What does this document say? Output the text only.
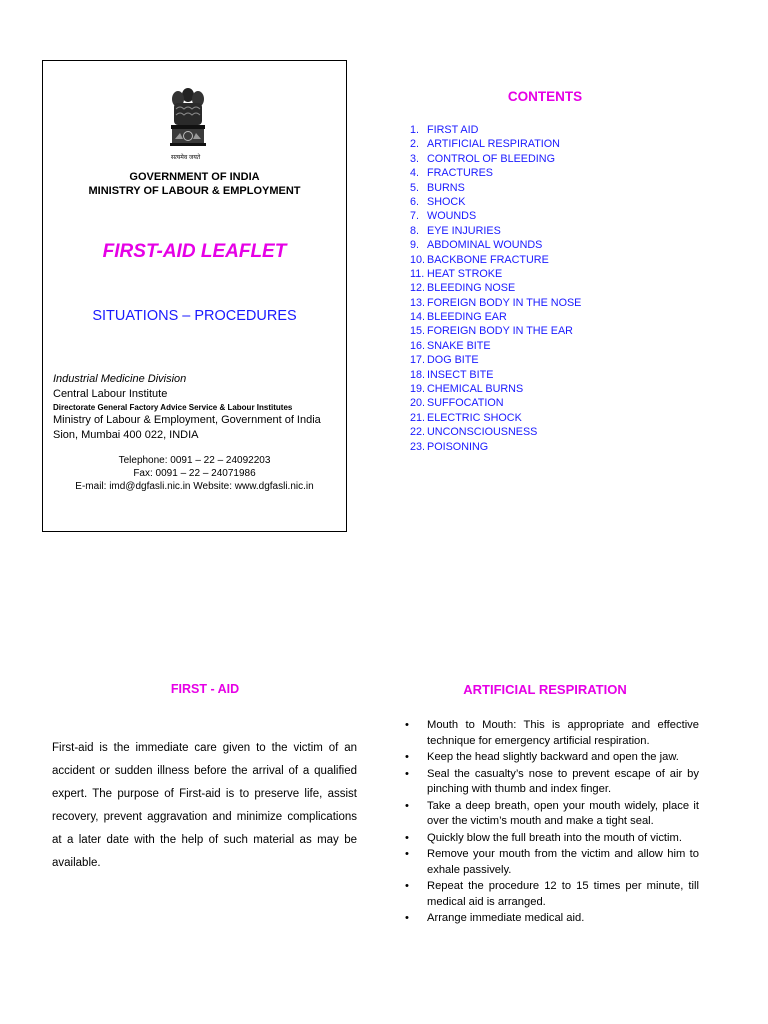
सत्यमेव जयते
GOVERNMENT OF INDIA
MINISTRY OF LABOUR & EMPLOYMENT
FIRST-AID LEAFLET
SITUATIONS – PROCEDURES
Industrial Medicine Division
Central Labour Institute
Directorate General Factory Advice Service & Labour Institutes
Ministry of Labour & Employment, Government of India
Sion, Mumbai 400 022, INDIA
Telephone: 0091 – 22 – 24092203
Fax: 0091 – 22 – 24071986
E-mail: imd@dgfasli.nic.in Website: www.dgfasli.nic.in
CONTENTS
1. FIRST AID
2. ARTIFICIAL RESPIRATION
3. CONTROL OF BLEEDING
4. FRACTURES
5. BURNS
6. SHOCK
7. WOUNDS
8. EYE INJURIES
9. ABDOMINAL WOUNDS
10. BACKBONE FRACTURE
11. HEAT STROKE
12. BLEEDING NOSE
13. FOREIGN BODY IN THE NOSE
14. BLEEDING EAR
15. FOREIGN BODY IN THE EAR
16. SNAKE BITE
17. DOG BITE
18. INSECT BITE
19. CHEMICAL BURNS
20. SUFFOCATION
21. ELECTRIC SHOCK
22. UNCONSCIOUSNESS
23. POISONING
FIRST - AID

First-aid is the immediate care given to the victim of an accident or sudden illness before the arrival of a qualified expert. The purpose of First-aid is to preserve life, assist recovery, prevent aggravation and minimize complications at a later date with the help of such material as may be available.

ARTIFICIAL RESPIRATION
• Mouth to Mouth: This is appropriate and effective technique for emergency artificial respiration.
• Keep the head slightly backward and open the jaw.
• Seal the casualty’s nose to prevent escape of air by pinching with thumb and index finger.
• Take a deep breath, open your mouth widely, place it over the victim’s mouth and make a tight seal.
• Quickly blow the full breath into the mouth of victim.
• Remove your mouth from the victim and allow him to exhale passively.
• Repeat the procedure 12 to 15 times per minute, till medical aid is arranged.
• Arrange immediate medical aid.
